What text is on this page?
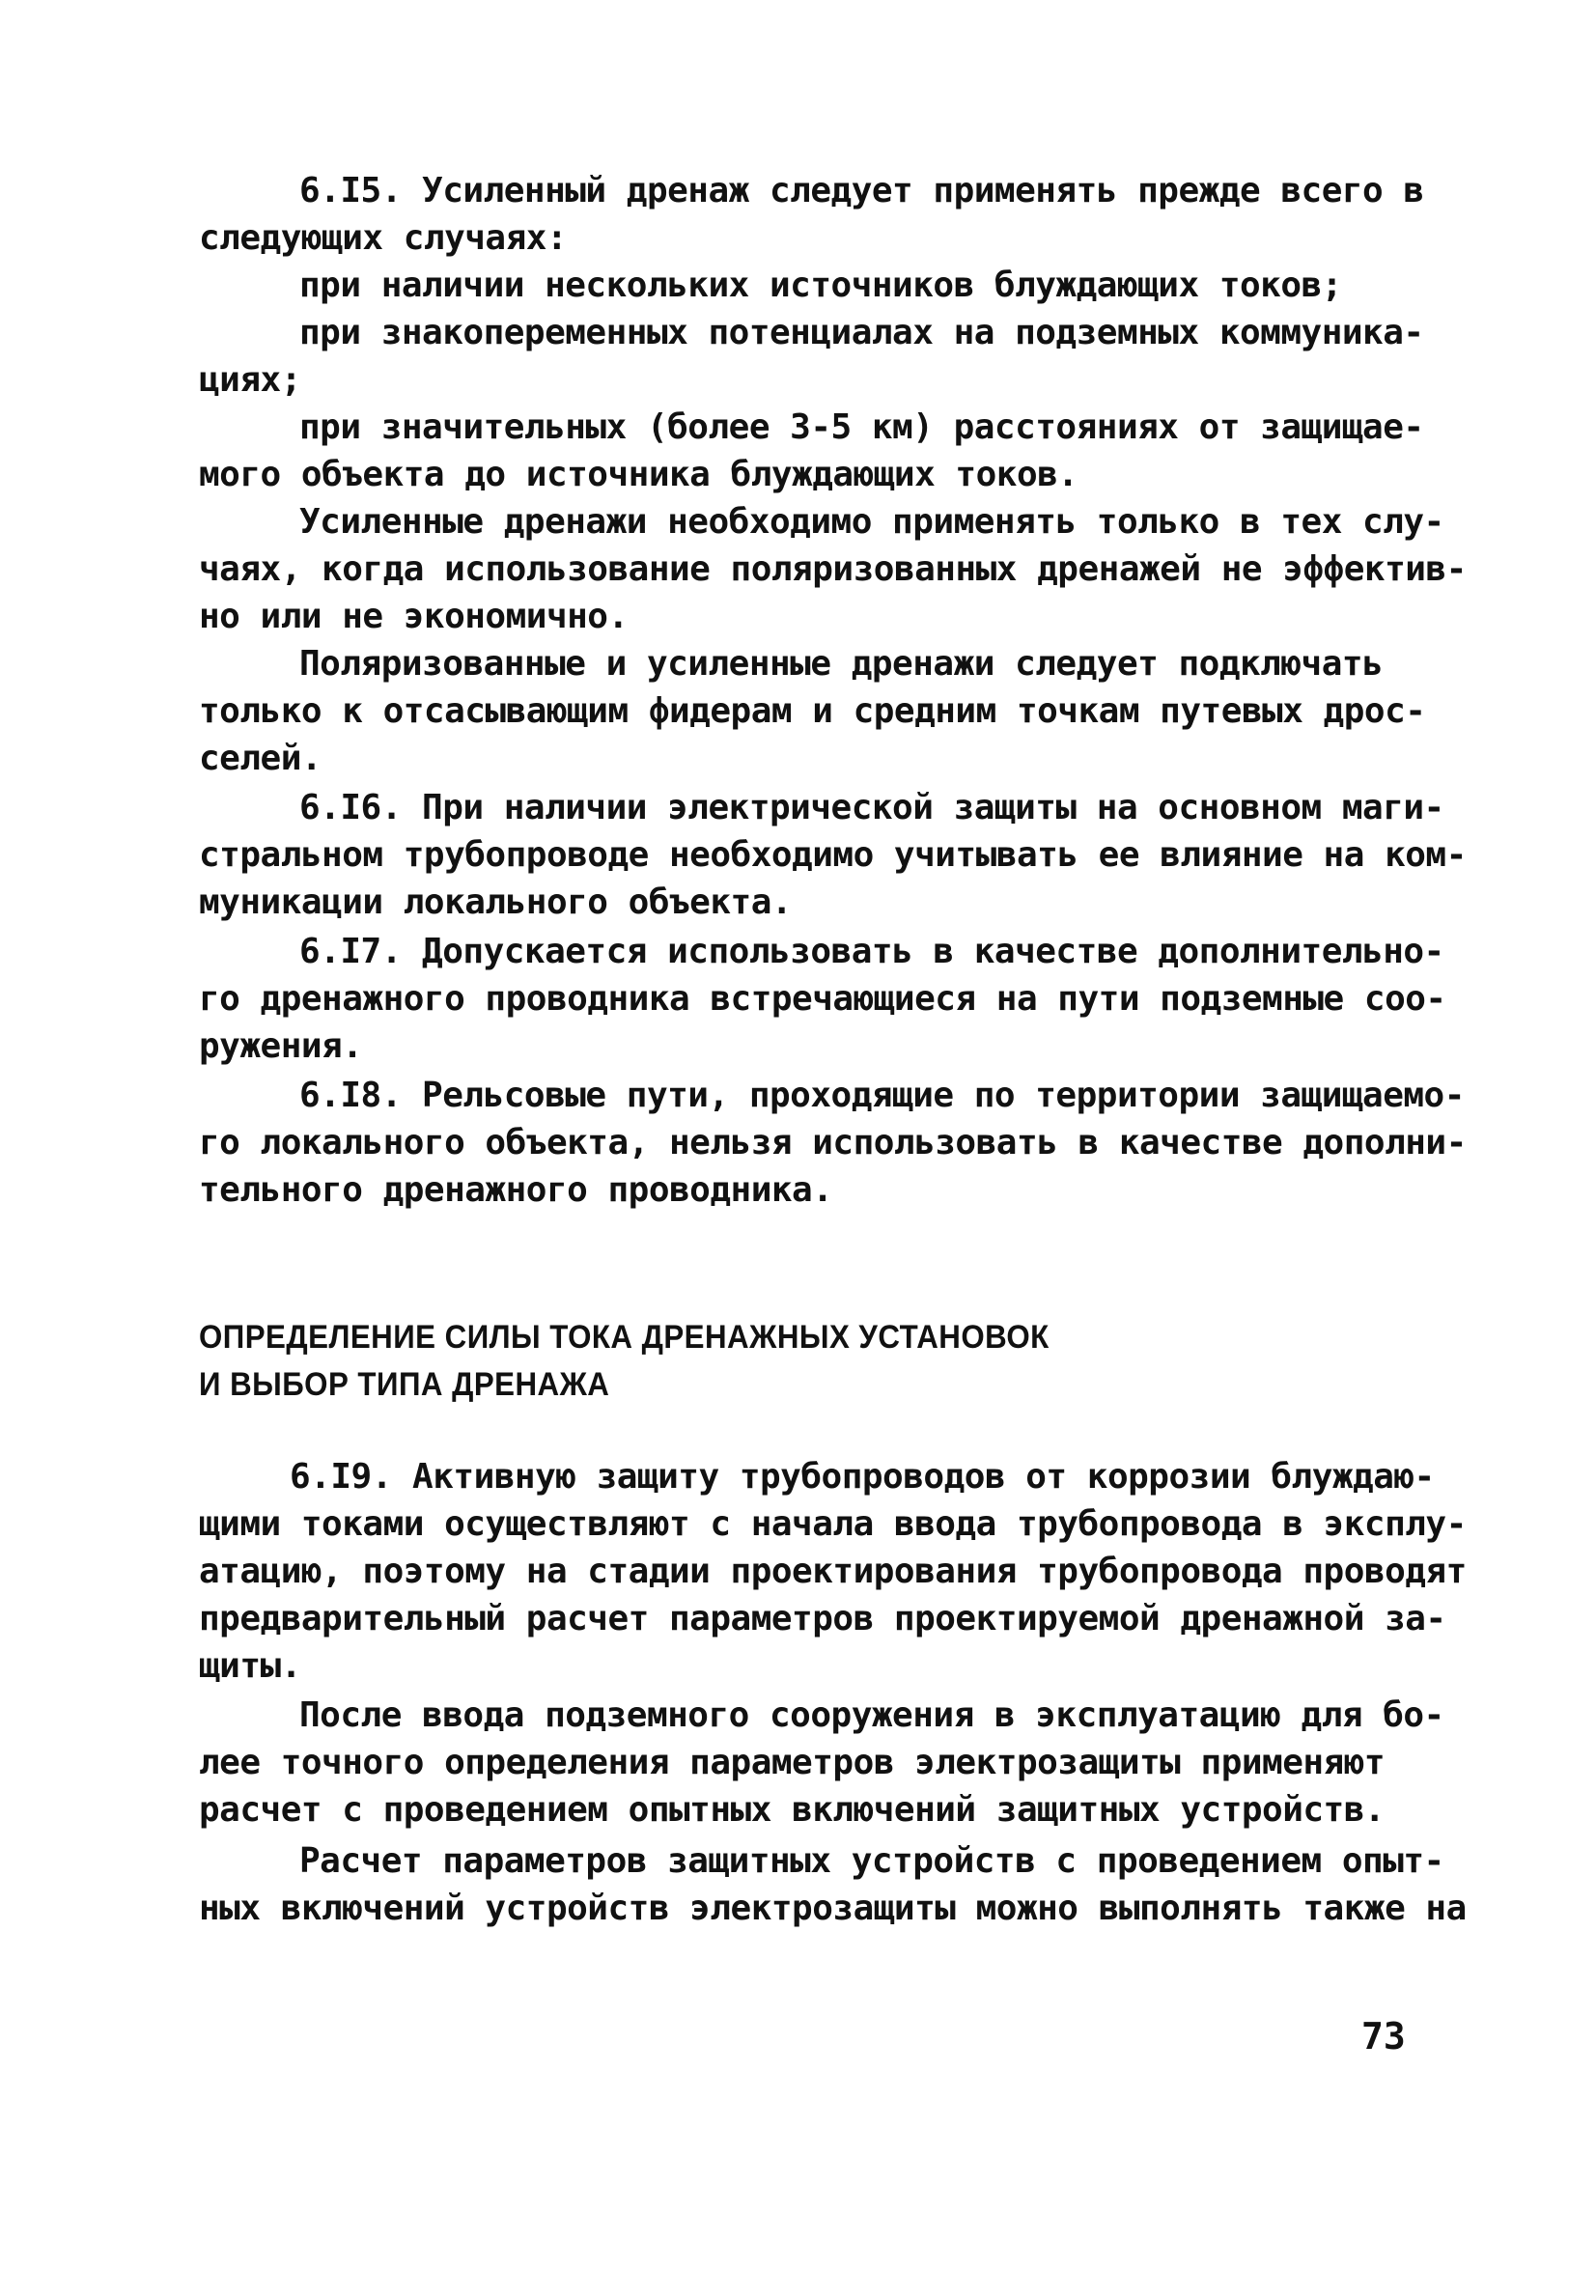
6.I5. Усиленный дренаж следует применять прежде всего в
следующих случаях:
при наличии нескольких источников блуждающих токов;
при знакопеременных потенциалах на подземных коммуника-
циях;
при значительных (более 3-5 км) расстояниях от защищае-
мого объекта до источника блуждающих токов.
Усиленные дренажи необходимо применять только в тех слу-
чаях, когда использование поляризованных дренажей не эффектив-
но или не экономично.
Поляризованные и усиленные дренажи следует подключать
только к отсасывающим фидерам и средним точкам путевых дрос-
селей.
6.I6. При наличии электрической защиты на основном маги-
стральном трубопроводе необходимо учитывать ее влияние на ком-
муникации локального объекта.
6.I7. Допускается использовать в качестве дополнительно-
го дренажного проводника встречающиеся на пути подземные соо-
ружения.
6.I8. Рельсовые пути, проходящие по территории защищаемо-
го локального объекта, нельзя использовать в качестве дополни-
тельного дренажного проводника.
ОПРЕДЕЛЕНИЕ СИЛЫ ТОКА ДРЕНАЖНЫХ УСТАНОВОК
И ВЫБОР ТИПА ДРЕНАЖА
6.I9. Активную защиту трубопроводов от коррозии блуждаю-
щими токами осуществляют с начала ввода трубопровода в эксплу-
атацию, поэтому на стадии проектирования трубопровода проводят
предварительный расчет параметров проектируемой дренажной за-
щиты.
После ввода подземного сооружения в эксплуатацию для бо-
лее точного определения параметров электрозащиты применяют
расчет с проведением опытных включений защитных устройств.
Расчет параметров защитных устройств с проведением опыт-
ных включений устройств электрозащиты можно выполнять также на
73
